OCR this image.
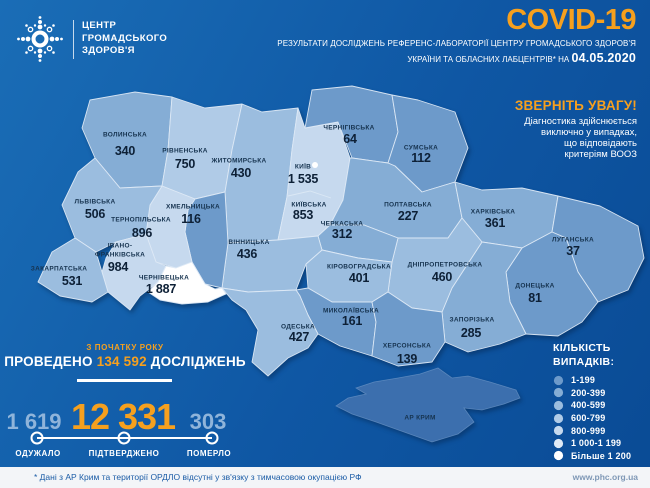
ВОЛИНСЬКА
340	РІВНЕНСЬКА
750
ЛЬВІВСЬКА
506 ТЕРНОПІЛЬСЬКА
896
ХМЕЛЬНИЦЬКА
116
ІВАНО-
ФРАНКІВСЬКА
984
ЗАКАРПАТСЬКА
531	ЧЕРНІВЕЦЬКА
1 887
ЖИТОМИРСЬКА
430	КИЇВ
1 535
КИЇВСЬКА
853
ЧЕРНІГІВСЬКА
64
СУМСЬКА
112
ПОЛТАВСЬКА
227	ХАРКІВСЬКА
361
ЛУГАНСЬКА
37
ДОНЕЦЬКА
81
ЧЕРКАСЬКА
312
КІРОВОГРАДСЬКА
401
ДНІПРОПЕТРОВСЬКА
460
ВІННИЦЬКА
436
МИКОЛАЇВСЬКА
161
ОДЕСЬКА
427
ЗАПОРІЗЬКА
285
ХЕРСОНСЬКА
139
АР КРИМ
ЦЕНТР
ГРОМАДСЬКОГО
ЗДОРОВ'Я
COVID-19
РЕЗУЛЬТАТИ ДОСЛІДЖЕНЬ РЕФЕРЕНС-ЛАБОРАТОРІЇ ЦЕНТРУ ГРОМАДСЬКОГО ЗДОРОВ'Я
УКРАЇНИ ТА ОБЛАСНИХ ЛАБЦЕНТРІВ* НА 04.05.2020
ЗВЕРНІТЬ УВАГУ!
Діагностика здійснюється
виключно у випадках,
що відповідають
критеріям ВООЗ
З ПОЧАТКУ РОКУ
ПРОВЕДЕНО 134 592 ДОСЛІДЖЕНЬ
1 619 12 331 303
ОДУЖАЛО	ПІДТВЕРДЖЕНО	ПОМЕРЛО
КІЛЬКІСТЬ
ВИПАДКІВ:
1-199
200-399
400-599
600-799
800-999
1 000-1 199
Більше 1 200
* Дані з АР Крим та території ОРДЛО відсутні у зв'язку з тимчасовою окупацією РФ	www.phc.org.ua
